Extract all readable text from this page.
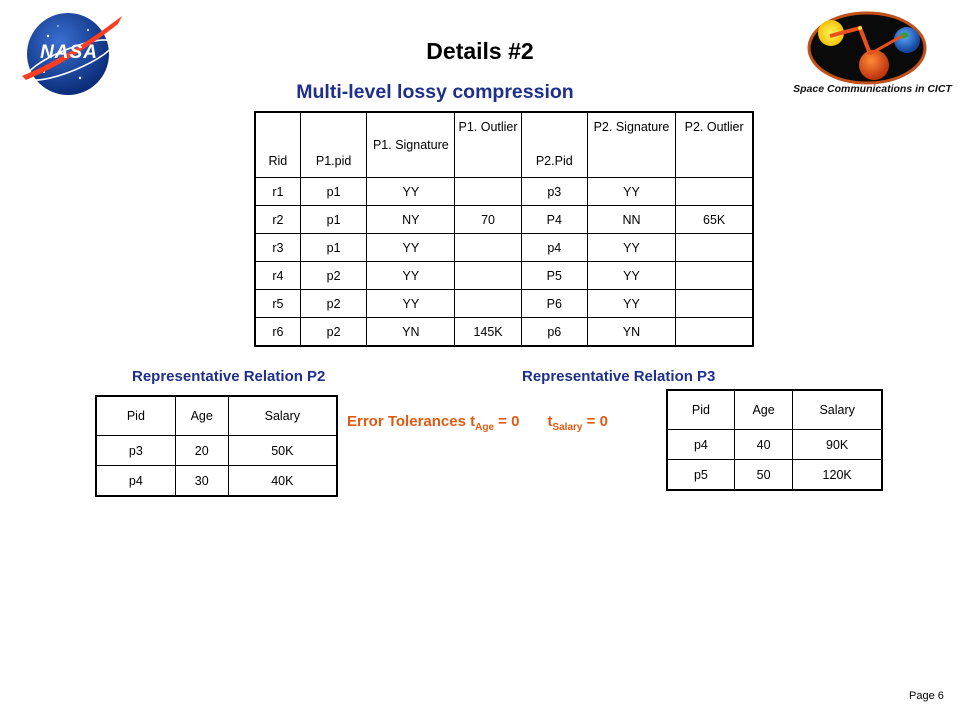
NASA
Space Communications in CICT
Details #2
Multi-level lossy compression
Rid	P1.pid	P1. Signature	P1. Outlier	P2.Pid	P2. Signature	P2. Outlier
r1	p1	YY		p3	YY	
r2	p1	NY	70	P4	NN	65K
r3	p1	YY		p4	YY	
r4	p2	YY		P5	YY	
r5	p2	YY		P6	YY	
r6	p2	YN	145K	p6	YN	
Representative Relation P2	Representative Relation P3
Pid	Age	Salary
p3	20	50K
p4	30	40K
Error Tolerances $t_{Age} = 0$ $t_{Salary} = 0$
Pid	Age	Salary
p4	40	90K
p5	50	120K
Page 6
